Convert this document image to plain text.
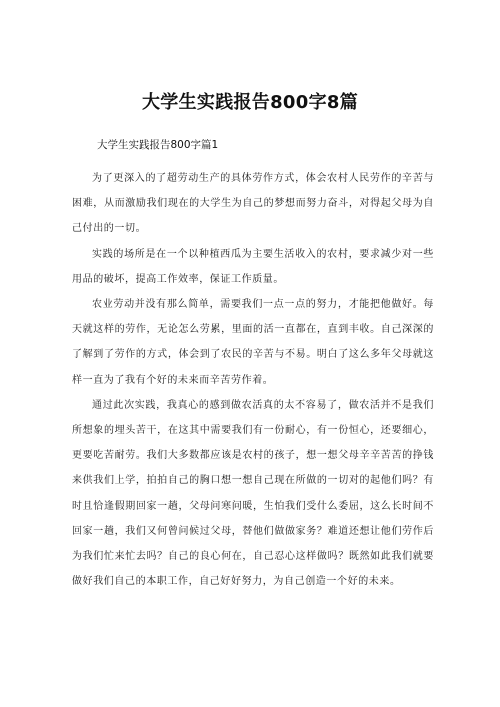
大学生实践报告800字8篇
大学生实践报告800字篇1

为了更深入的了超劳动生产的具体劳作方式，体会农村人民劳作的辛苦与困难，从而激励我们现在的大学生为自己的梦想而努力奋斗，对得起父母为自己付出的一切。

实践的场所是在一个以种植西瓜为主要生活收入的农村，要求减少对一些用品的破坏，提高工作效率，保证工作质量。

农业劳动并没有那么简单，需要我们一点一点的努力，才能把他做好。每天就这样的劳作，无论怎么劳累，里面的活一直都在，直到丰收。自己深深的了解到了劳作的方式，体会到了农民的辛苦与不易。明白了这么多年父母就这样一直为了我有个好的未来而辛苦劳作着。

通过此次实践，我真心的感到做农活真的太不容易了，做农活并不是我们所想象的埋头苦干，在这其中需要我们有一份耐心，有一份恒心，还要细心，更要吃苦耐劳。我们大多数都应该是农村的孩子，想一想父母辛辛苦苦的挣钱来供我们上学，拍拍自己的胸口想一想自己现在所做的一切对的起他们吗？有时且恰逢假期回家一趟，父母问寒问暖，生怕我们受什么委屈，这么长时间不回家一趟，我们又何曾问候过父母，替他们做做家务？难道还想让他们劳作后为我们忙来忙去吗？自己的良心何在，自己忍心这样做吗？既然如此我们就要做好我们自己的本职工作，自己好好努力，为自己创造一个好的未来。
